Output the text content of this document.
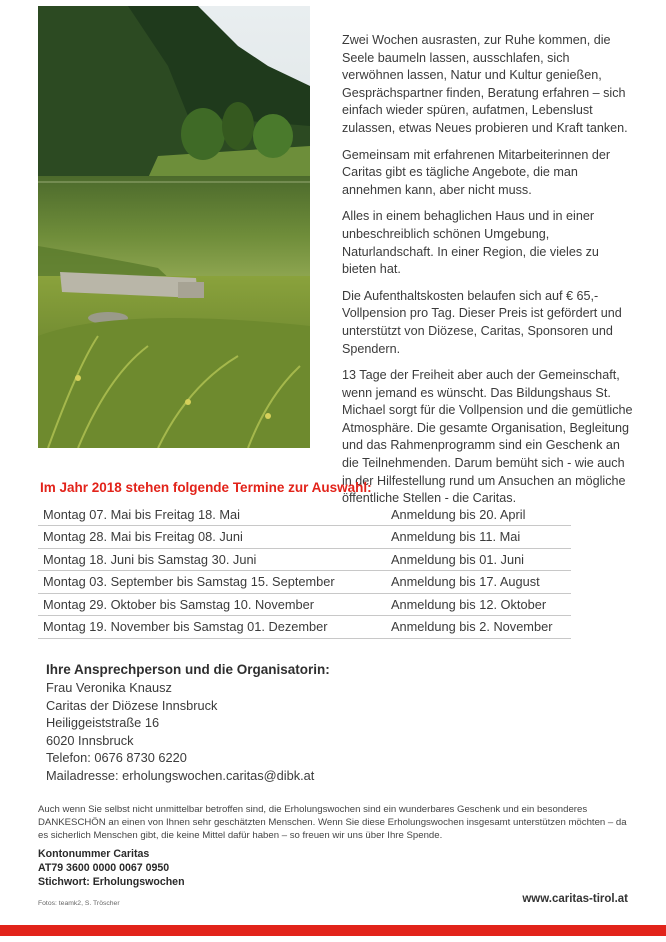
Zwei Wochen ausrasten, zur Ruhe kommen, die Seele baumeln lassen, ausschlafen, sich verwöhnen lassen, Natur und Kultur genießen, Gesprächspartner finden, Beratung erfahren – sich einfach wieder spüren, aufatmen, Lebenslust zulassen, etwas Neues probieren und Kraft tanken.

Gemeinsam mit erfahrenen Mitarbeiterinnen der Caritas gibt es tägliche Angebote, die man annehmen kann, aber nicht muss.

Alles in einem behaglichen Haus und in einer unbeschreiblich schönen Umgebung, Naturlandschaft. In einer Region, die vieles zu bieten hat.

Die Aufenthaltskosten belaufen sich auf € 65,- Vollpension pro Tag. Dieser Preis ist gefördert und unterstützt von Diözese, Caritas, Sponsoren und Spendern.

13 Tage der Freiheit aber auch der Gemeinschaft, wenn jemand es wünscht. Das Bildungshaus St. Michael sorgt für die Vollpension und die gemütliche Atmosphäre. Die gesamte Organisation, Begleitung und das Rahmenprogramm sind ein Geschenk an die Teilnehmenden. Darum bemüht sich - wie auch in der Hilfestellung rund um Ansuchen an mögliche öffentliche Stellen - die Caritas.

Im Jahr 2018 stehen folgende Termine zur Auswahl:
Montag 07. Mai bis Freitag 18. Mai	Anmeldung bis 20. April
Montag 28. Mai bis Freitag 08. Juni	Anmeldung bis 11. Mai
Montag 18. Juni bis Samstag 30. Juni	Anmeldung bis 01. Juni
Montag 03. September bis Samstag 15. September	Anmeldung bis 17. August
Montag 29. Oktober bis Samstag 10. November	Anmeldung bis 12. Oktober
Montag 19. November bis Samstag 01. Dezember	Anmeldung bis 2. November
Ihre Ansprechperson und die Organisatorin:
Frau Veronika Knausz
Caritas der Diözese Innsbruck
Heiliggeiststraße 16
6020 Innsbruck
Telefon: 0676 8730 6220
Mailadresse: erholungswochen.caritas@dibk.at
Auch wenn Sie selbst nicht unmittelbar betroffen sind, die Erholungswochen sind ein wunderbares Geschenk und ein besonderes DANKESCHÖN an einen von Ihnen sehr geschätzten Menschen. Wenn Sie diese Erholungswochen insgesamt unterstützen möchten – da es sicherlich Menschen gibt, die keine Mittel dafür haben – so freuen wir uns über Ihre Spende.
Kontonummer Caritas
AT79 3600 0000 0067 0950
Stichwort: Erholungswochen
Fotos: teamk2, S. Tröscher	www.caritas-tirol.at
